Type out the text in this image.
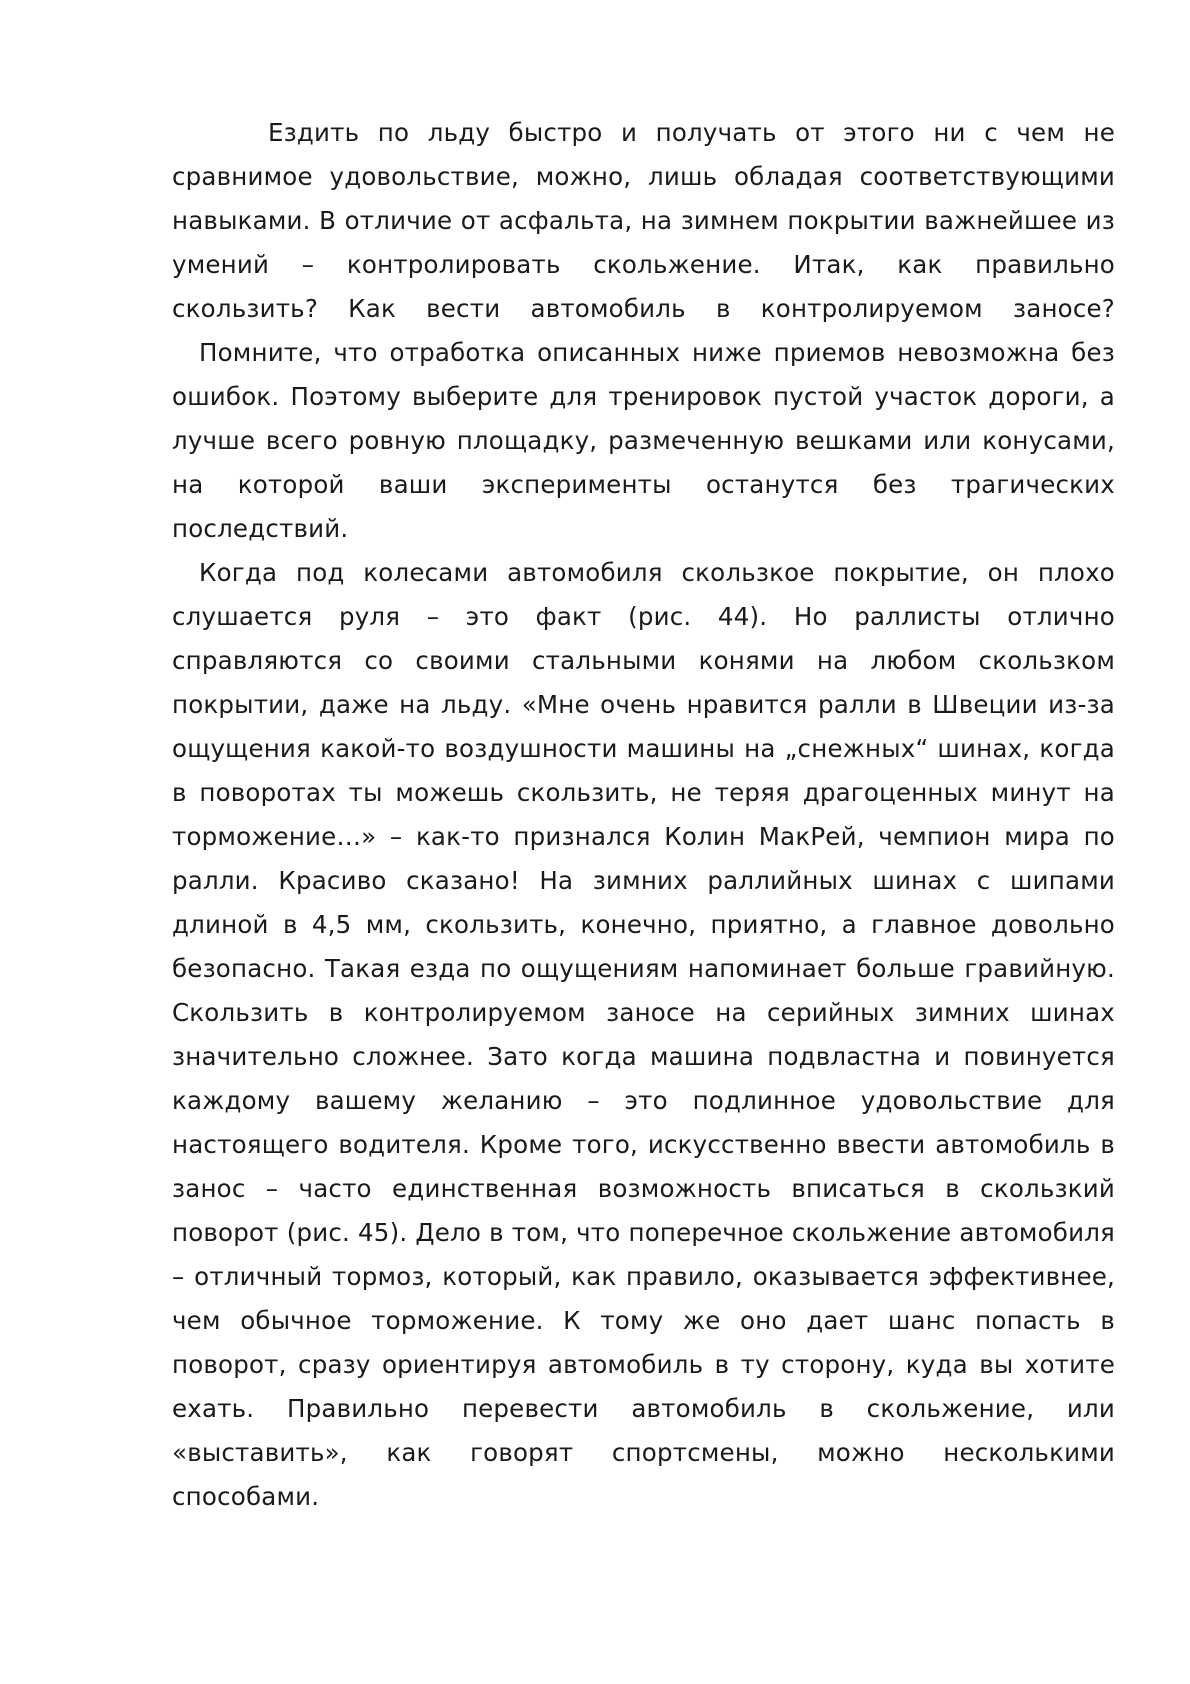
Ездить по льду быстро и получать от этого ни с чем не сравнимое удовольствие, можно, лишь обладая соответствующими навыками. В отличие от асфальта, на зимнем покрытии важнейшее из умений – контролировать скольжение. Итак, как правильно скользить? Как вести автомобиль в контролируемом заносе?

Помните, что отработка описанных ниже приемов невозможна без ошибок. Поэтому выберите для тренировок пустой участок дороги, а лучше всего ровную площадку, размеченную вешками или конусами, на которой ваши эксперименты останутся без трагических последствий.

Когда под колесами автомобиля скользкое покрытие, он плохо слушается руля – это факт (рис. 44). Но раллисты отлично справляются со своими стальными конями на любом скользком покрытии, даже на льду. «Мне очень нравится ралли в Швеции из-за ощущения какой-то воздушности машины на „снежных“ шинах, когда в поворотах ты можешь скользить, не теряя драгоценных минут на торможение…» – как-то признался Колин МакРей, чемпион мира по ралли. Красиво сказано! На зимних раллийных шинах с шипами длиной в 4,5 мм, скользить, конечно, приятно, а главное довольно безопасно. Такая езда по ощущениям напоминает больше гравийную. Скользить в контролируемом заносе на серийных зимних шинах значительно сложнее. Зато когда машина подвластна и повинуется каждому вашему желанию – это подлинное удовольствие для настоящего водителя. Кроме того, искусственно ввести автомобиль в занос – часто единственная возможность вписаться в скользкий поворот (рис. 45). Дело в том, что поперечное скольжение автомобиля – отличный тормоз, который, как правило, оказывается эффективнее, чем обычное торможение. К тому же оно дает шанс попасть в поворот, сразу ориентируя автомобиль в ту сторону, куда вы хотите ехать. Правильно перевести автомобиль в скольжение, или «выставить», как говорят спортсмены, можно несколькими способами.
